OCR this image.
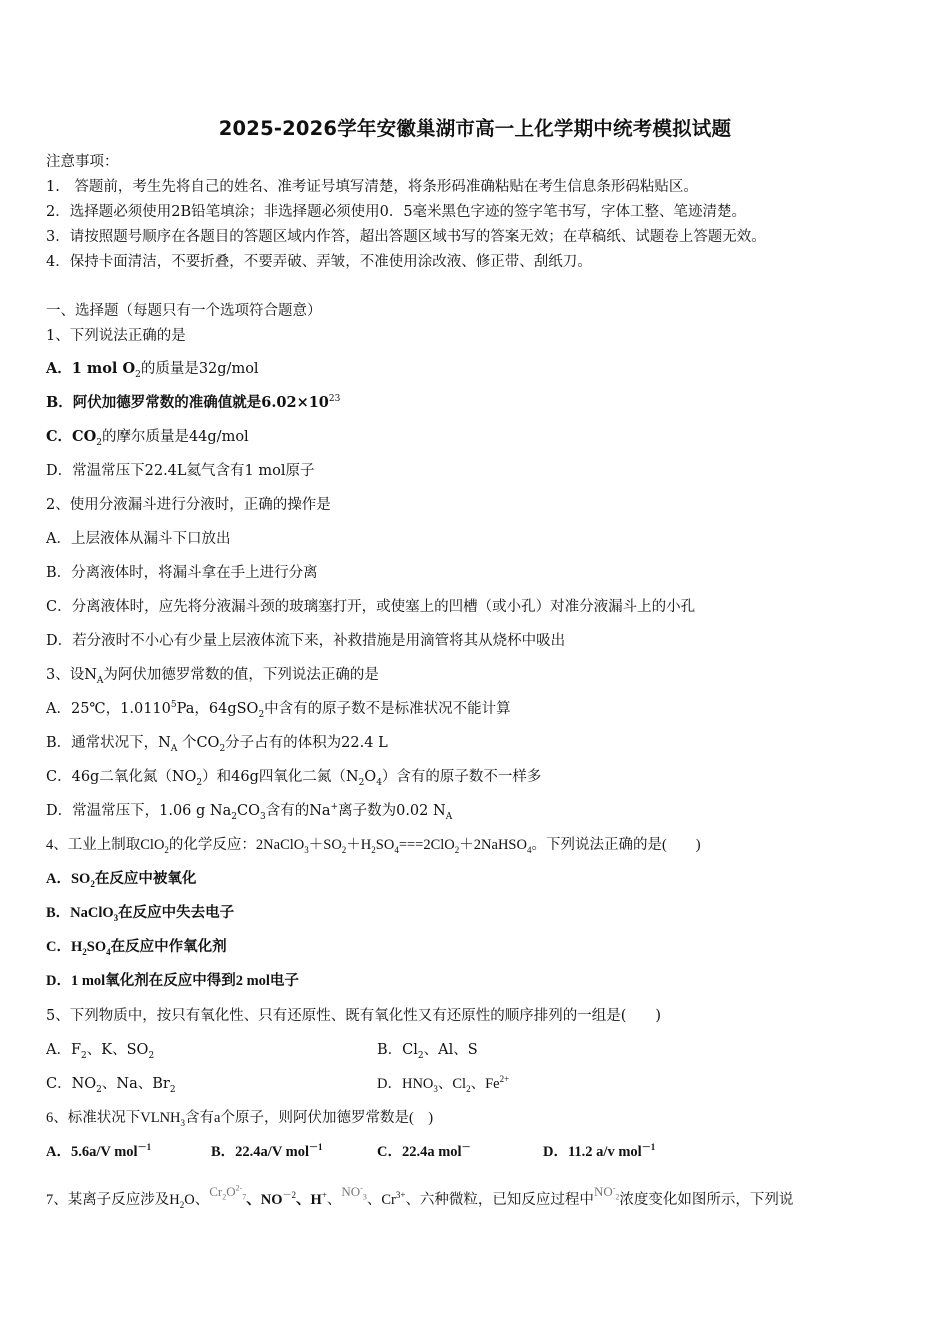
2025-2026学年安徽巢湖市高一上化学期中统考模拟试题
注意事项：
1.　答题前，考生先将自己的姓名、准考证号填写清楚，将条形码准确粘贴在考生信息条形码粘贴区。
2．选择题必须使用2B铅笔填涂；非选择题必须使用0．5毫米黑色字迹的签字笔书写，字体工整、笔迹清楚。
3．请按照题号顺序在各题目的答题区域内作答，超出答题区域书写的答案无效；在草稿纸、试题卷上答题无效。
4．保持卡面清洁，不要折叠，不要弄破、弄皱，不准使用涂改液、修正带、刮纸刀。
一、选择题（每题只有一个选项符合题意）
1、下列说法正确的是
A．1 mol $O_2$的质量是32g/mol
B．阿伏加德罗常数的准确值就是$6.02\times 10^{23}$
C．$CO_2$的摩尔质量是44g/mol
D．常温常压下22.4L氦气含有1 mol原子
2、使用分液漏斗进行分液时，正确的操作是
A．上层液体从漏斗下口放出
B．分离液体时，将漏斗拿在手上进行分离
C．分离液体时，应先将分液漏斗颈的玻璃塞打开，或使塞上的凹槽（或小孔）对准分液漏斗上的小孔
D．若分液时不小心有少量上层液体流下来，补救措施是用滴管将其从烧杯中吸出
3、设$N_A$为阿伏加德罗常数的值，下列说法正确的是
A．25℃，1.0110$^5$Pa，64gSO$_2$中含有的原子数不是标准状况不能计算
B．通常状况下，$N_A$ 个$CO_2$分子占有的体积为22.4 L
C．46g二氧化氮$(NO_2)$和46g四氧化二氮$(N_2O_4)$含有的原子数不一样多
D．常温常压下，1.06 g $Na_2CO_3$含有的Na+离子数为0.02 $N_A$
4、工业上制取ClO$_2$的化学反应：$2NaClO_3+SO_2+H_2SO_4===2ClO_2+2NaHSO_4$。下列说法正确的是(　　)
A．$SO_2$在反应中被氧化
B．NaClO$_3$在反应中失去电子
C．$H_2SO_4$在反应中作氧化剂
D．1 mol氧化剂在反应中得到2 mol电子
5、下列物质中，按只有氧化性、只有还原性、既有氧化性又有还原性的顺序排列的一组是(　　)
A．$F_2$、K、$SO_2$	B．$Cl_2$、Al、S
C．$NO_2$、Na、$Br_2$	D．$HNO_3$、$Cl_2$、$Fe^{2+}$
6、标准状况下$VLNH_3$含有a个原子，则阿伏加德罗常数是(　)
A．5.6a/V mol$^{-1}$	B．22.4a/V mol$^{-1}$	C．22.4a mol－	D．11.2 a/v mol$^{-1}$
7、某离子反应涉及$H_2O$、$Cr_2O^{2-}_7$、$NO^{-2}$、H+、$NO^-_3$、$Cr^{3+}$、六种微粒，已知反应过程中$NO^-_2$浓度变化如图所示，下列说
